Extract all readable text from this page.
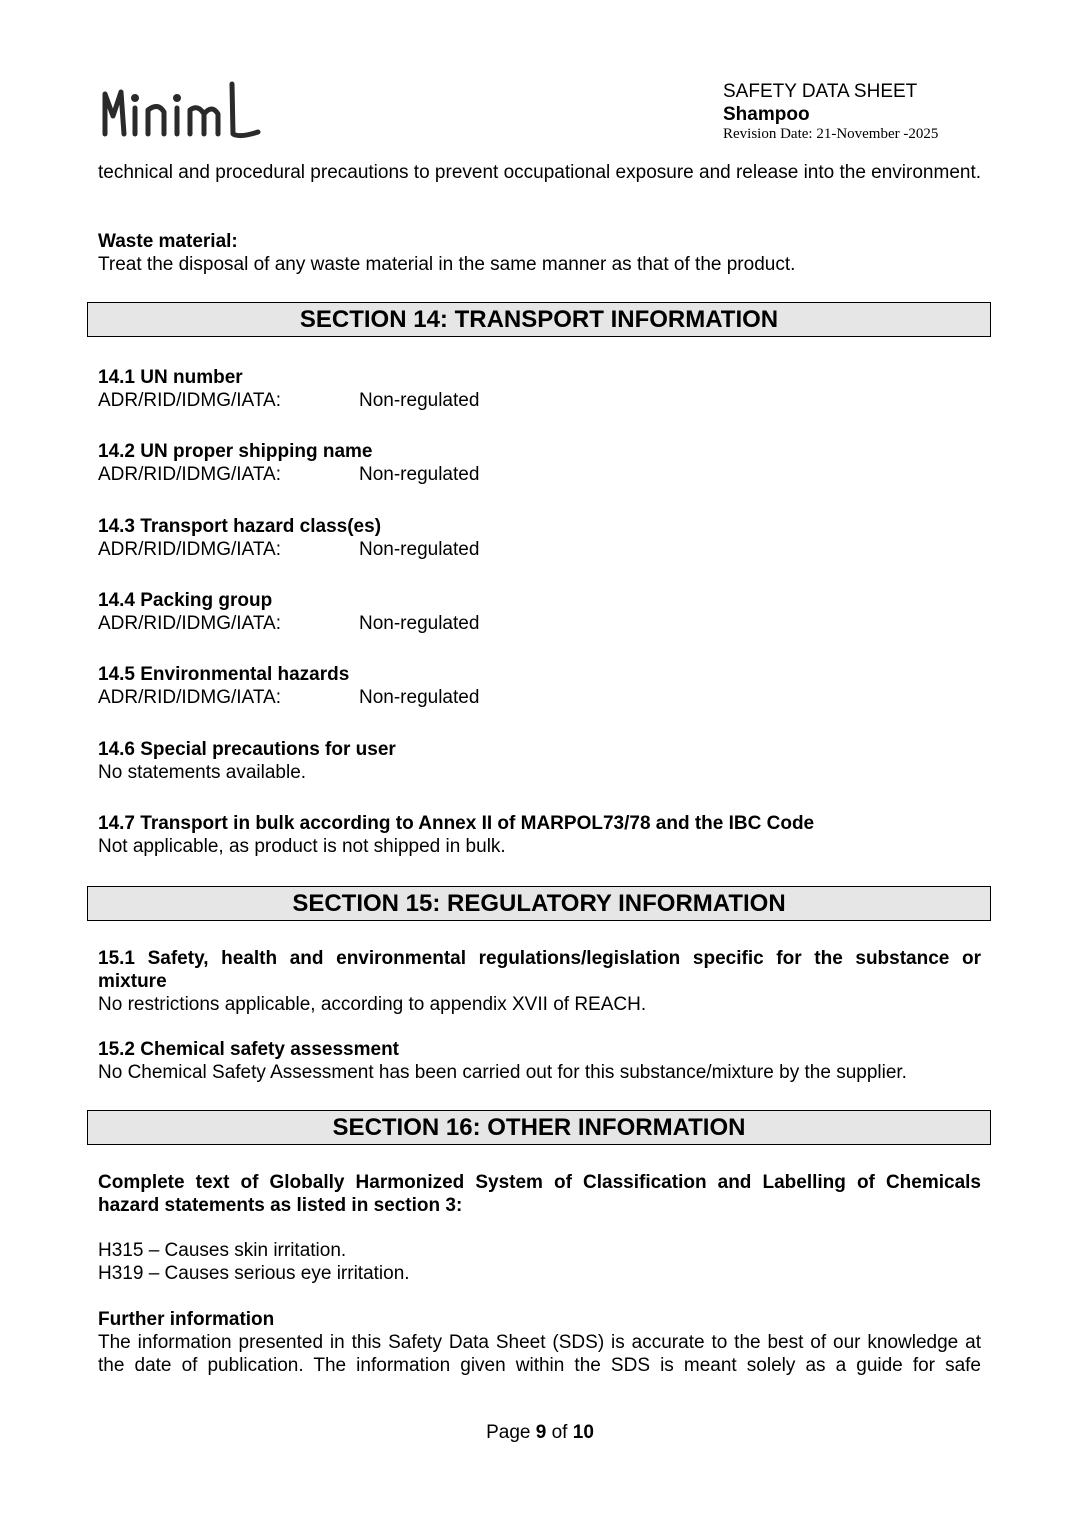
SAFETY DATA SHEET
Shampoo
Revision Date: 21-November -2025

technical and procedural precautions to prevent occupational exposure and release into the environment.

Waste material:

Treat the disposal of any waste material in the same manner as that of the product.

SECTION 14: TRANSPORT INFORMATION

14.1 UN number

ADR/RID/IDMG/IATA:	Non-regulated

14.2 UN proper shipping name

ADR/RID/IDMG/IATA:	Non-regulated

14.3 Transport hazard class(es)

ADR/RID/IDMG/IATA:	Non-regulated

14.4 Packing group

ADR/RID/IDMG/IATA:	Non-regulated

14.5 Environmental hazards

ADR/RID/IDMG/IATA:	Non-regulated

14.6 Special precautions for user

No statements available.

14.7 Transport in bulk according to Annex II of MARPOL73/78 and the IBC Code

Not applicable, as product is not shipped in bulk.

SECTION 15: REGULATORY INFORMATION

15.1 Safety, health and environmental regulations/legislation specific for the substance or mixture

No restrictions applicable, according to appendix XVII of REACH.

15.2 Chemical safety assessment

No Chemical Safety Assessment has been carried out for this substance/mixture by the supplier.

SECTION 16: OTHER INFORMATION

Complete text of Globally Harmonized System of Classification and Labelling of Chemicals hazard statements as listed in section 3:

H315 – Causes skin irritation.

H319 – Causes serious eye irritation.

Further information

The information presented in this Safety Data Sheet (SDS) is accurate to the best of our knowledge at the date of publication. The information given within the SDS is meant solely as a guide for safe

Page 9 of 10
